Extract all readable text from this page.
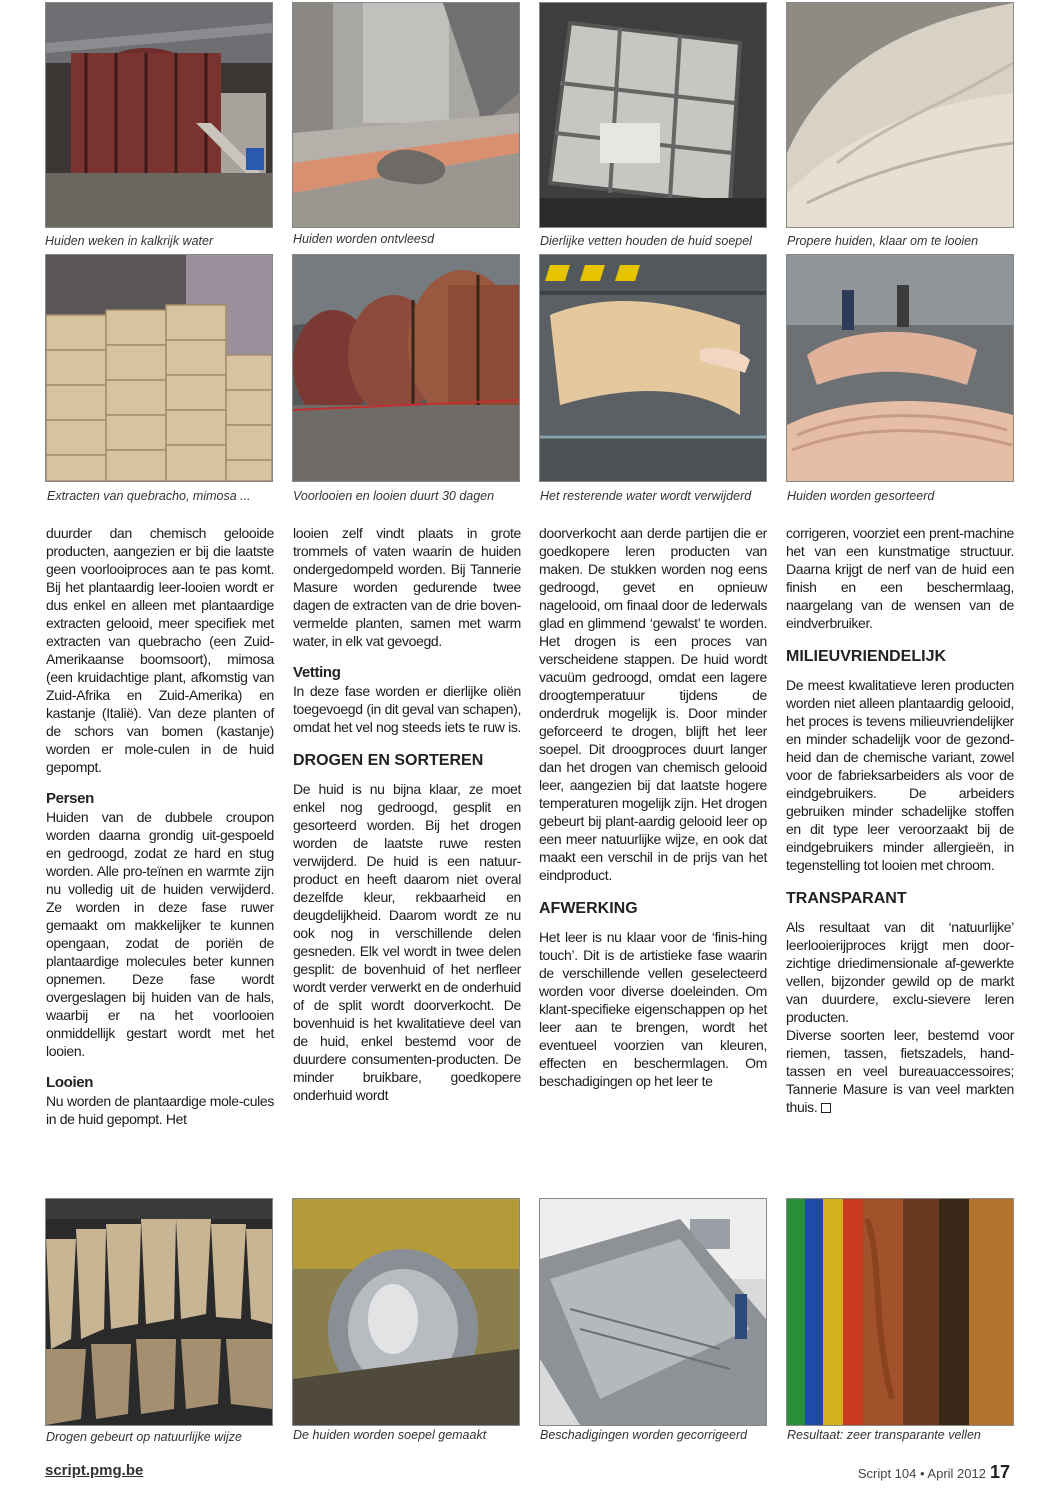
Huiden weken in kalkrijk water	Huiden worden ontvleesd	Dierlijke vetten houden de huid soepel	Propere huiden, klaar om te looien
Extracten van quebracho, mimosa ...	Voorlooien en looien duurt 30 dagen	Het resterende water wordt verwijderd	Huiden worden gesorteerd

duurder dan chemisch gelooide producten, aangezien er bij die laatste geen voorlooiproces aan te pas komt. Bij het plantaardig leer-looien wordt er dus enkel en alleen met plantaardige extracten gelooid, meer specifiek met extracten van quebracho (een Zuid-Amerikaanse boomsoort), mimosa (een kruidachtige plant, afkomstig van Zuid-Afrika en Zuid-Amerika) en kastanje (Italië). Van deze planten of de schors van bomen (kastanje) worden er mole-culen in de huid gepompt.

Persen

Huiden van de dubbele croupon worden daarna grondig uit-gespoeld en gedroogd, zodat ze hard en stug worden. Alle pro-teïnen en warmte zijn nu volledig uit de huiden verwijderd. Ze worden in deze fase ruwer gemaakt om makkelijker te kunnen opengaan, zodat de poriën de plantaardige molecules beter kunnen opnemen. Deze fase wordt overgeslagen bij huiden van de hals, waarbij er na het voorlooien onmiddellijk gestart wordt met het looien.

Looien

Nu worden de plantaardige mole-cules in de huid gepompt. Het

looien zelf vindt plaats in grote trommels of vaten waarin de huiden ondergedompeld worden. Bij Tannerie Masure worden gedurende twee dagen de extracten van de drie boven-vermelde planten, samen met warm water, in elk vat gevoegd.

Vetting

In deze fase worden er dierlijke oliën toegevoegd (in dit geval van schapen), omdat het vel nog steeds iets te ruw is.

DROGEN EN SORTEREN

De huid is nu bijna klaar, ze moet enkel nog gedroogd, gesplit en gesorteerd worden. Bij het drogen worden de laatste ruwe resten verwijderd. De huid is een natuur-product en heeft daarom niet overal dezelfde kleur, rekbaarheid en deugdelijkheid. Daarom wordt ze nu ook nog in verschillende delen gesneden. Elk vel wordt in twee delen gesplit: de bovenhuid of het nerfleer wordt verder verwerkt en de onderhuid of de split wordt doorverkocht. De bovenhuid is het kwalitatieve deel van de huid, enkel bestemd voor de duurdere consumenten-producten. De minder bruikbare, goedkopere onderhuid wordt

doorverkocht aan derde partijen die er goedkopere leren producten van maken. De stukken worden nog eens gedroogd, gevet en opnieuw nagelooid, om finaal door de lederwals glad en glimmend ‘gewalst’ te worden. Het drogen is een proces van verscheidene stappen. De huid wordt vacuüm gedroogd, omdat een lagere droogtemperatuur tijdens de onderdruk mogelijk is. Door minder geforceerd te drogen, blijft het leer soepel. Dit droogproces duurt langer dan het drogen van chemisch gelooid leer, aangezien bij dat laatste hogere temperaturen mogelijk zijn. Het drogen gebeurt bij plant-aardig gelooid leer op een meer natuurlijke wijze, en ook dat maakt een verschil in de prijs van het eindproduct.

AFWERKING

Het leer is nu klaar voor de ‘finis-hing touch’. Dit is de artistieke fase waarin de verschillende vellen geselecteerd worden voor diverse doeleinden. Om klant-specifieke eigenschappen op het leer aan te brengen, wordt het eventueel voorzien van kleuren, effecten en beschermlagen. Om beschadigingen op het leer te

corrigeren, voorziet een prent-machine het van een kunstmatige structuur. Daarna krijgt de nerf van de huid een finish en een beschermlaag, naargelang van de wensen van de eindverbruiker.

MILIEUVRIENDELIJK

De meest kwalitatieve leren producten worden niet alleen plantaardig gelooid, het proces is tevens milieuvriendelijker en minder schadelijk voor de gezond-heid dan de chemische variant, zowel voor de fabrieksarbeiders als voor de eindgebruikers. De arbeiders gebruiken minder schadelijke stoffen en dit type leer veroorzaakt bij de eindgebruikers minder allergieën, in tegenstelling tot looien met chroom.

TRANSPARANT

Als resultaat van dit ‘natuurlijke’ leerlooierijproces krijgt men door-zichtige driedimensionale af-gewerkte vellen, bijzonder gewild op de markt van duurdere, exclu-sievere leren producten.

Diverse soorten leer, bestemd voor riemen, tassen, fietszadels, hand-tassen en veel bureauaccessoires; Tannerie Masure is van veel markten thuis.

Drogen gebeurt op natuurlijke wijze	De huiden worden soepel gemaakt	Beschadigingen worden gecorrigeerd	Resultaat: zeer transparante vellen
script.pmg.be	Script 104 • April 2012 17
